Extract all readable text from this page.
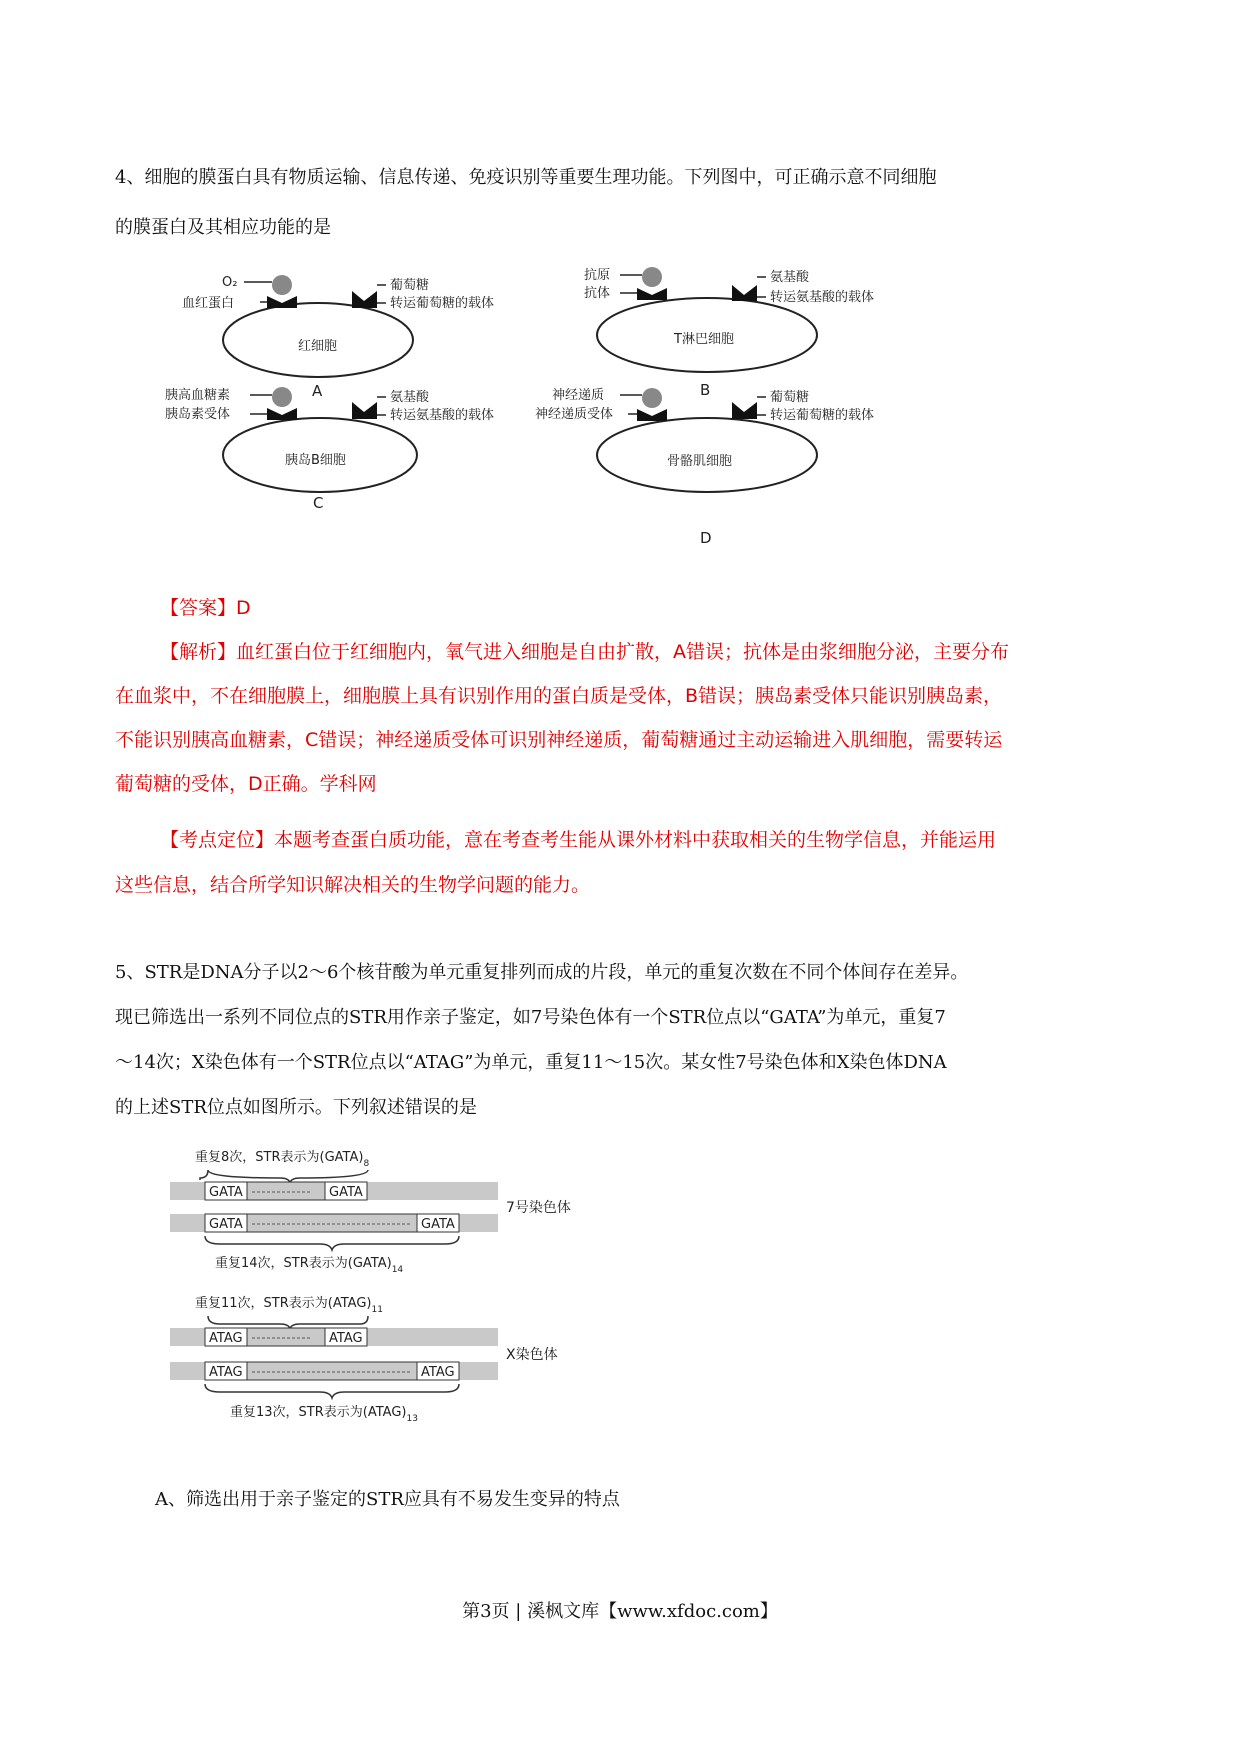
4、细胞的膜蛋白具有物质运输、信息传递、免疫识别等重要生理功能。下列图中，可正确示意不同细胞
的膜蛋白及其相应功能的是
O₂
血红蛋白
葡萄糖
转运葡萄糖的载体
红细胞
A
抗原
抗体
氨基酸
转运氨基酸的载体
T淋巴细胞
B
胰高血糖素
胰岛素受体
氨基酸
转运氨基酸的载体
胰岛B细胞
C
神经递质
神经递质受体
葡萄糖
转运葡萄糖的载体
骨骼肌细胞
D
【答案】D
【解析】血红蛋白位于红细胞内，氧气进入细胞是自由扩散，A错误；抗体是由浆细胞分泌，主要分布
在血浆中，不在细胞膜上，细胞膜上具有识别作用的蛋白质是受体，B错误；胰岛素受体只能识别胰岛素，
不能识别胰高血糖素，C错误；神经递质受体可识别神经递质，葡萄糖通过主动运输进入肌细胞，需要转运
葡萄糖的受体，D正确。学科网
【考点定位】本题考查蛋白质功能，意在考查考生能从课外材料中获取相关的生物学信息，并能运用
这些信息，结合所学知识解决相关的生物学问题的能力。
5、STR是DNA分子以2～6个核苷酸为单元重复排列而成的片段，单元的重复次数在不同个体间存在差异。
现已筛选出一系列不同位点的STR用作亲子鉴定，如7号染色体有一个STR位点以“GATA”为单元，重复7
～14次；X染色体有一个STR位点以“ATAG”为单元，重复11～15次。某女性7号染色体和X染色体DNA
的上述STR位点如图所示。下列叙述错误的是
重复8次，STR表示为$(GATA)_8$
GATA	GATA
GATA	GATA
7号染色体
重复14次，STR表示为$(GATA)_{14}$
重复11次，STR表示为$(ATAG)_{11}$
ATAG	ATAG
ATAG	ATAG
X染色体
重复13次，STR表示为$(ATAG)_{13}$
A、筛选出用于亲子鉴定的STR应具有不易发生变异的特点
第3页 | 溪枫文库【www.xfdoc.com】
